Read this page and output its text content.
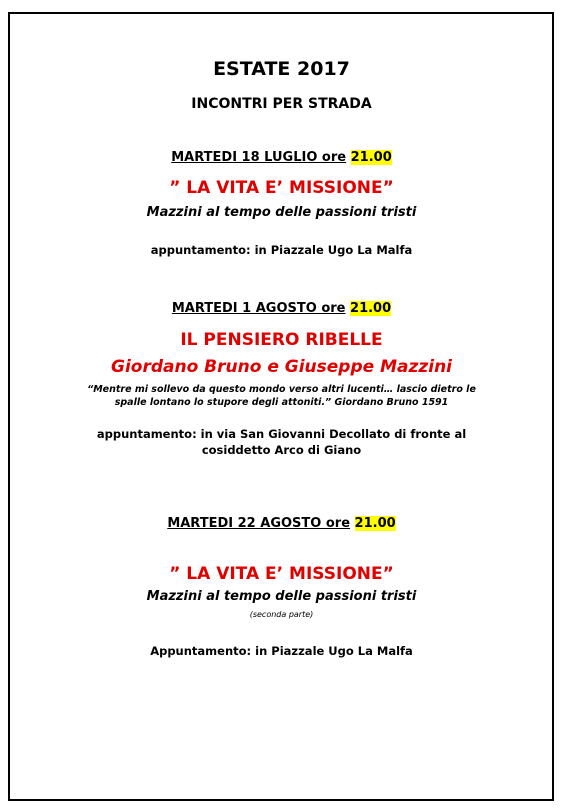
ESTATE 2017
INCONTRI PER STRADA
MARTEDI 18 LUGLIO ore 21.00
” LA VITA E’ MISSIONE”
Mazzini al tempo delle passioni tristi
appuntamento: in Piazzale Ugo La Malfa
MARTEDI 1 AGOSTO ore 21.00
IL PENSIERO RIBELLE
Giordano Bruno e Giuseppe Mazzini
“Mentre mi sollevo da questo mondo verso altri lucenti… lascio dietro le
spalle lontano lo stupore degli attoniti.” Giordano Bruno 1591
appuntamento: in via San Giovanni Decollato di fronte al
cosiddetto Arco di Giano
MARTEDI 22 AGOSTO ore 21.00
” LA VITA E’ MISSIONE”
Mazzini al tempo delle passioni tristi
(seconda parte)
Appuntamento: in Piazzale Ugo La Malfa
